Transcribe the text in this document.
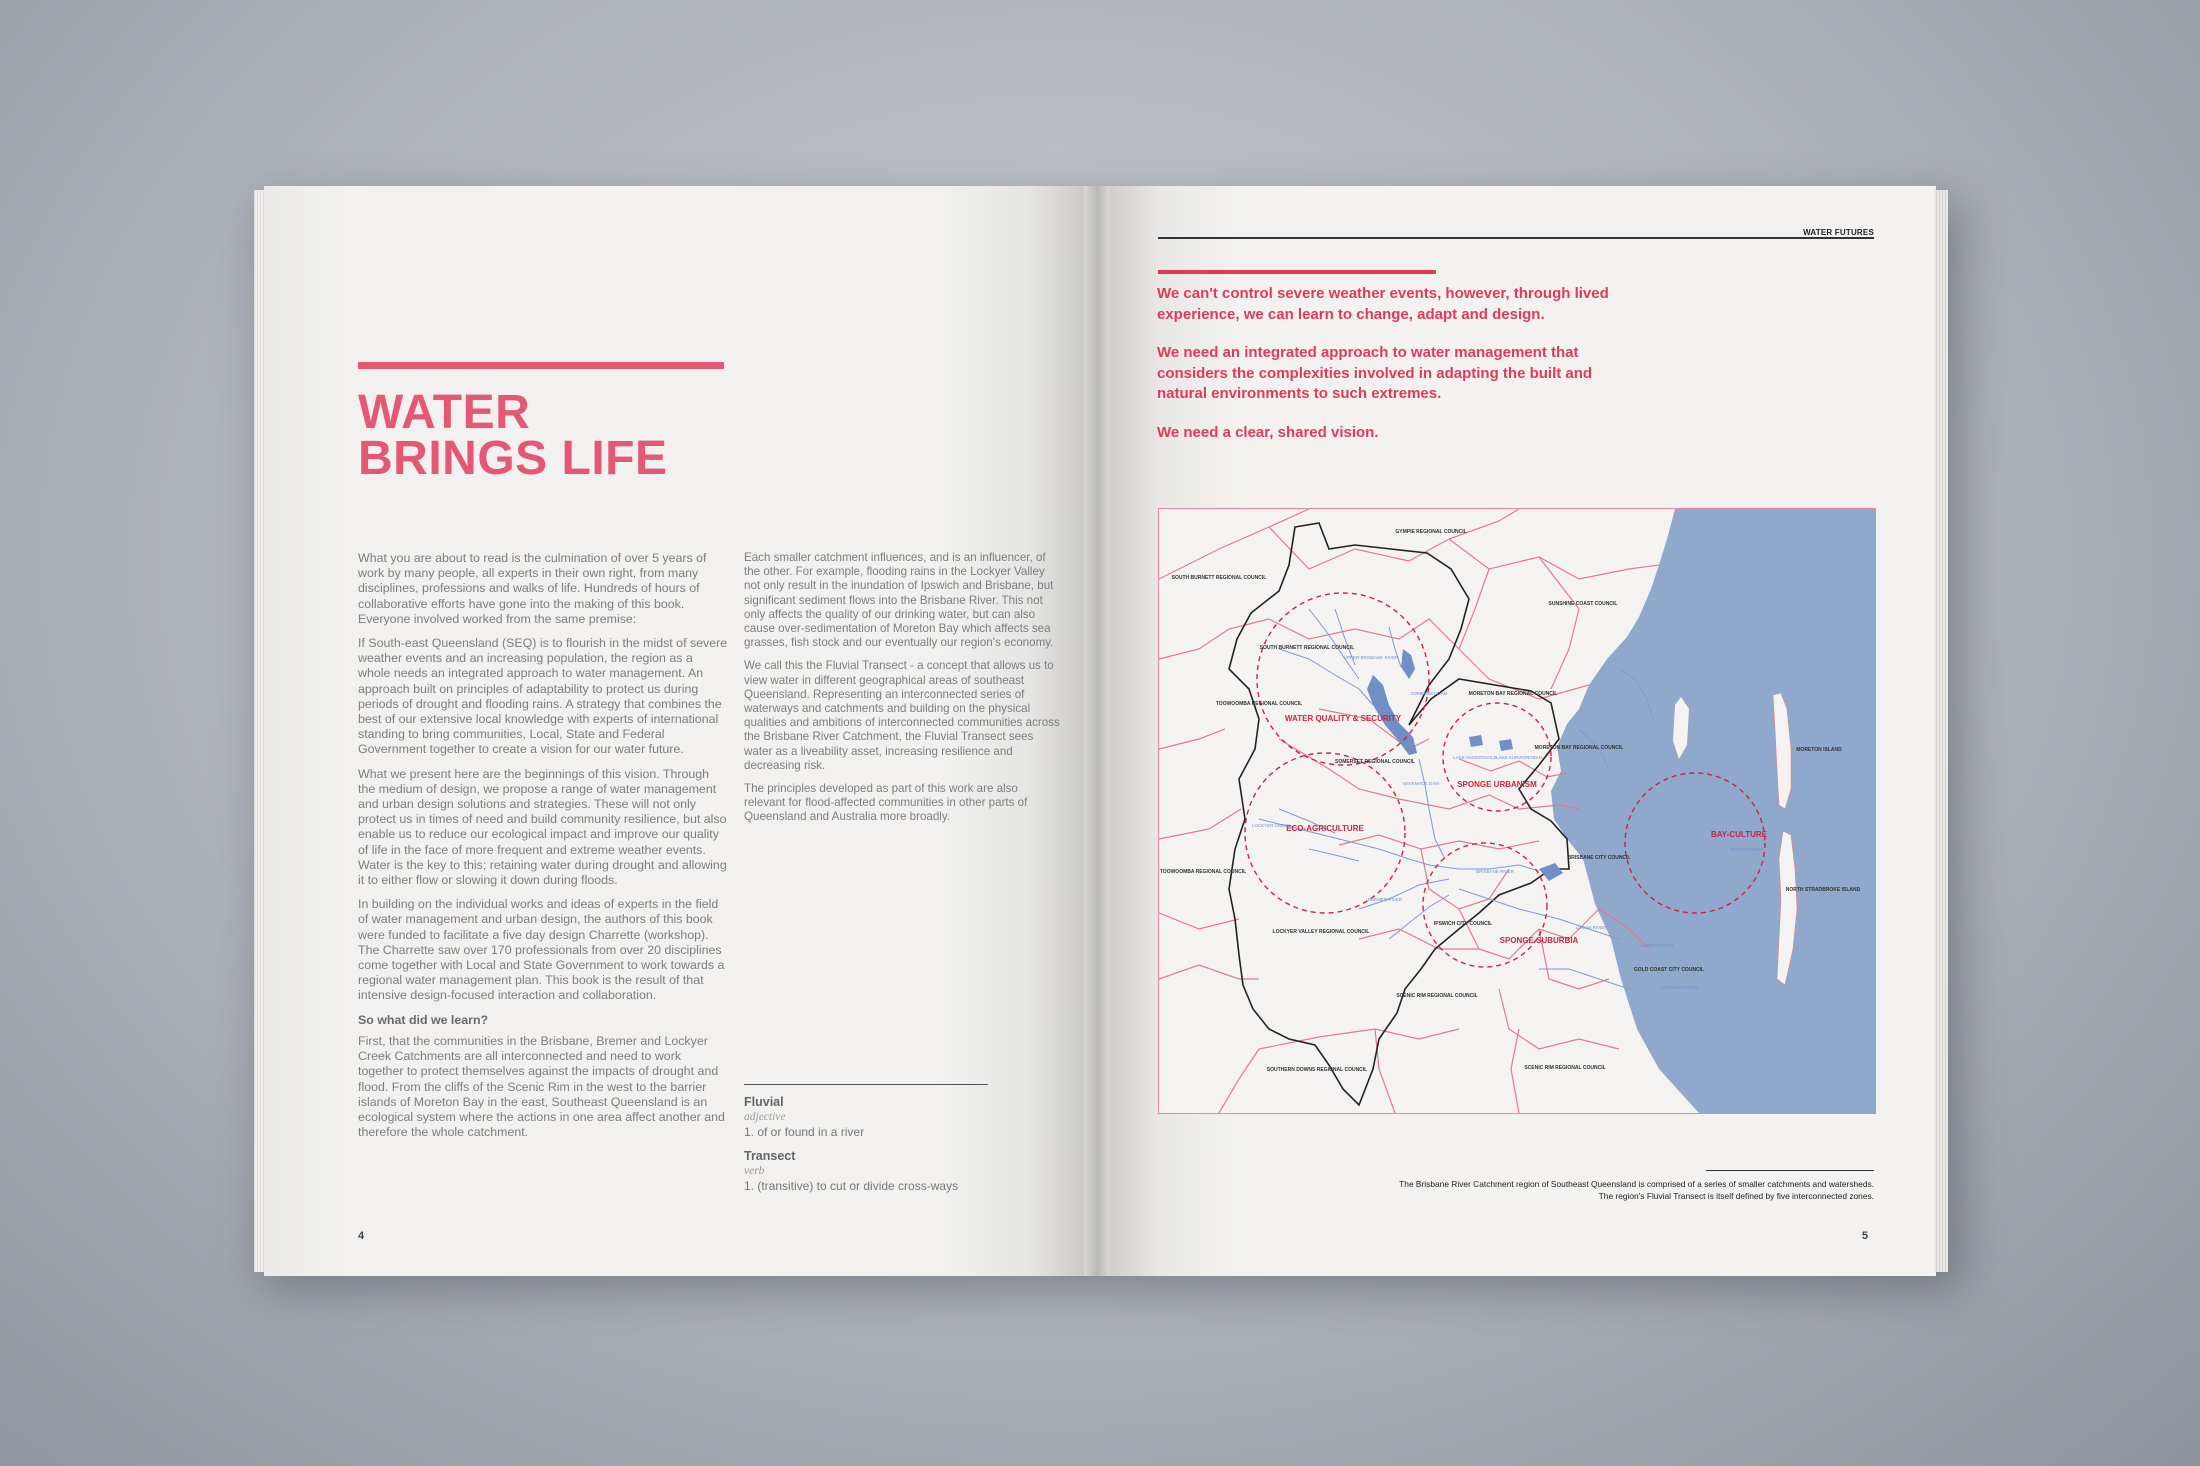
WATER
BRINGS LIFE

What you are about to read is the culmination of over 5 years of work by many people, all experts in their own right, from many disciplines, professions and walks of life. Hundreds of hours of collaborative efforts have gone into the making of this book. Everyone involved worked from the same premise:

If South-east Queensland (SEQ) is to flourish in the midst of severe weather events and an increasing population, the region as a whole needs an integrated approach to water management. An approach built on principles of adaptability to protect us during periods of drought and flooding rains. A strategy that combines the best of our extensive local knowledge with experts of international standing to bring communities, Local, State and Federal Government together to create a vision for our water future.

What we present here are the beginnings of this vision. Through the medium of design, we propose a range of water management and urban design solutions and strategies. These will not only protect us in times of need and build community resilience, but also enable us to reduce our ecological impact and improve our quality of life in the face of more frequent and extreme weather events. Water is the key to this; retaining water during drought and allowing it to either flow or slowing it down during floods.

In building on the individual works and ideas of experts in the field of water management and urban design, the authors of this book were funded to facilitate a five day design Charrette (workshop). The Charrette saw over 170 professionals from over 20 disciplines come together with Local and State Government to work towards a regional water management plan. This book is the result of that intensive design-focused interaction and collaboration.

So what did we learn?

First, that the communities in the Brisbane, Bremer and Lockyer Creek Catchments are all interconnected and need to work together to protect themselves against the impacts of drought and flood. From the cliffs of the Scenic Rim in the west to the barrier islands of Moreton Bay in the east, Southeast Queensland is an ecological system where the actions in one area affect another and therefore the whole catchment.

Each smaller catchment influences, and is an influencer, of the other. For example, flooding rains in the Lockyer Valley not only result in the inundation of Ipswich and Brisbane, but significant sediment flows into the Brisbane River. This not only affects the quality of our drinking water, but can also cause over-sedimentation of Moreton Bay which affects sea grasses, fish stock and our eventually our region's economy.

We call this the Fluvial Transect - a concept that allows us to view water in different geographical areas of southeast Queensland. Representing an interconnected series of waterways and catchments and building on the physical qualities and ambitions of interconnected communities across the Brisbane River Catchment, the Fluvial Transect sees water as a liveability asset, increasing resilience and decreasing risk.

The principles developed as part of this work are also relevant for flood-affected communities in other parts of Queensland and Australia more broadly.

Fluvial
adjective
1. of or found in a river
Transect
verb
1. (transitive) to cut or divide cross-ways
4
WATER FUTURES

We can't control severe weather events, however, through lived experience, we can learn to change, adapt and design.

We need an integrated approach to water management that considers the complexities involved in adapting the built and natural environments to such extremes.

We need a clear, shared vision.

WATER QUALITY & SECURITY
ECO-AGRICULTURE
SPONGE URBANISM
SPONGE SUBURBIA
BAY-CULTURE
SOUTH BURNETT REGIONAL COUNCIL
GYMPIE REGIONAL COUNCIL
SUNSHINE COAST COUNCIL
TOOWOOMBA REGIONAL COUNCIL
TOOWOOMBA REGIONAL COUNCIL
SOUTH BURNETT REGIONAL COUNCIL
MORETON BAY REGIONAL COUNCIL
MORETON BAY REGIONAL COUNCIL
SOMERSET REGIONAL COUNCIL
BRISBANE CITY COUNCIL
IPSWICH CITY COUNCIL
LOCKYER VALLEY REGIONAL COUNCIL
SCENIC RIM REGIONAL COUNCIL
SCENIC RIM REGIONAL COUNCIL
GOLD COAST CITY COUNCIL
SOUTHERN DOWNS REGIONAL COUNCIL
MORETON ISLAND
NORTH STRADBROKE ISLAND
UPPER BRISBANE RIVER
SOMERSET DAM
WIVENHOE DAM
LAKE SAMSONVALE LAKE KURWONGBAH
LOCKYER CREEK
BREMER RIVER
BRISBANE RIVER
LOGAN RIVER
MORETON BAY
ALBERT RIVER
COOMERA RIVER
The Brisbane River Catchment region of Southeast Queensland is comprised of a series of smaller catchments and watersheds.
The region's Fluvial Transect is itself defined by five interconnected zones.
5
